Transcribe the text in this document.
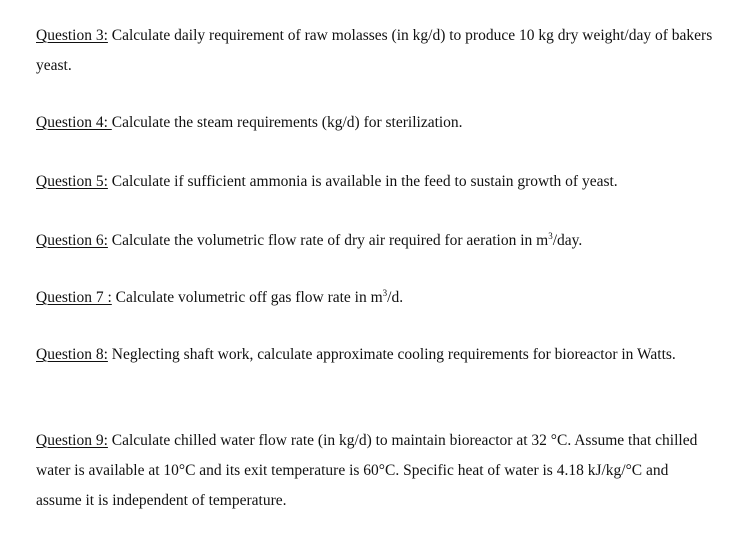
Question 3: Calculate daily requirement of raw molasses (in kg/d) to produce 10 kg dry weight/day of bakers yeast.

Question 4: Calculate the steam requirements (kg/d) for sterilization.

Question 5: Calculate if sufficient ammonia is available in the feed to sustain growth of yeast.

Question 6: Calculate the volumetric flow rate of dry air required for aeration in $m^3$/day.

Question 7 : Calculate volumetric off gas flow rate in $m^3/d$.

Question 8: Neglecting shaft work, calculate approximate cooling requirements for bioreactor in Watts.

Question 9: Calculate chilled water flow rate (in kg/d) to maintain bioreactor at 32 °C. Assume that chilled water is available at 10°C and its exit temperature is 60°C. Specific heat of water is 4.18 kJ/kg/°C and assume it is independent of temperature.
